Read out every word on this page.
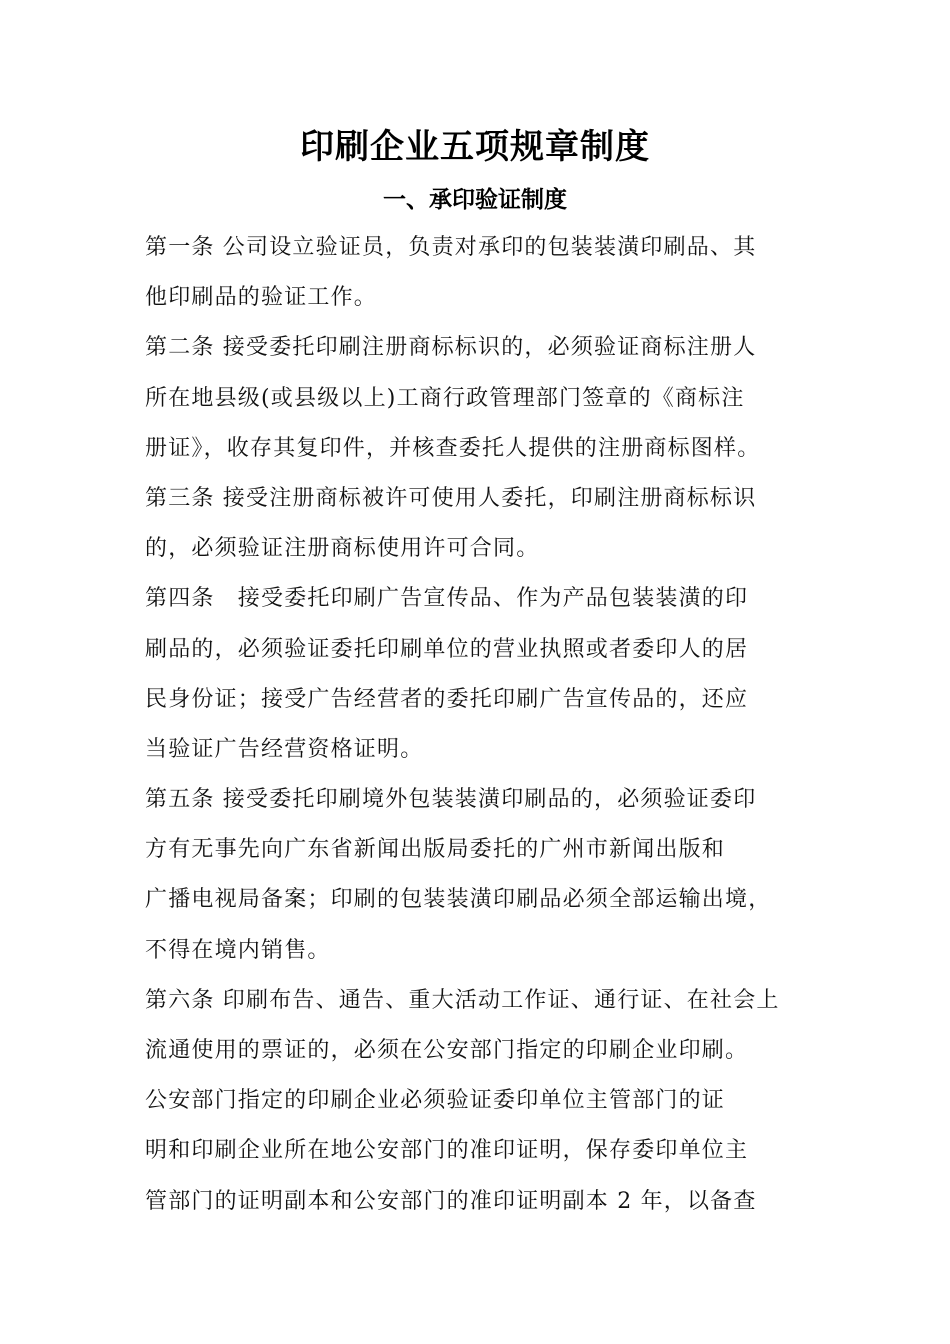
印刷企业五项规章制度
一、承印验证制度
第一条 公司设立验证员，负责对承印的包装装潢印刷品、其
他印刷品的验证工作。
第二条 接受委托印刷注册商标标识的，必须验证商标注册人
所在地县级(或县级以上)工商行政管理部门签章的《商标注
册证》，收存其复印件，并核查委托人提供的注册商标图样。
第三条 接受注册商标被许可使用人委托，印刷注册商标标识
的，必须验证注册商标使用许可合同。
第四条　接受委托印刷广告宣传品、作为产品包装装潢的印
刷品的，必须验证委托印刷单位的营业执照或者委印人的居
民身份证；接受广告经营者的委托印刷广告宣传品的，还应
当验证广告经营资格证明。
第五条 接受委托印刷境外包装装潢印刷品的，必须验证委印
方有无事先向广东省新闻出版局委托的广州市新闻出版和
广播电视局备案；印刷的包装装潢印刷品必须全部运输出境，
不得在境内销售。
第六条 印刷布告、通告、重大活动工作证、通行证、在社会上
流通使用的票证的，必须在公安部门指定的印刷企业印刷。
公安部门指定的印刷企业必须验证委印单位主管部门的证
明和印刷企业所在地公安部门的准印证明，保存委印单位主
管部门的证明副本和公安部门的准印证明副本 2 年，以备查
